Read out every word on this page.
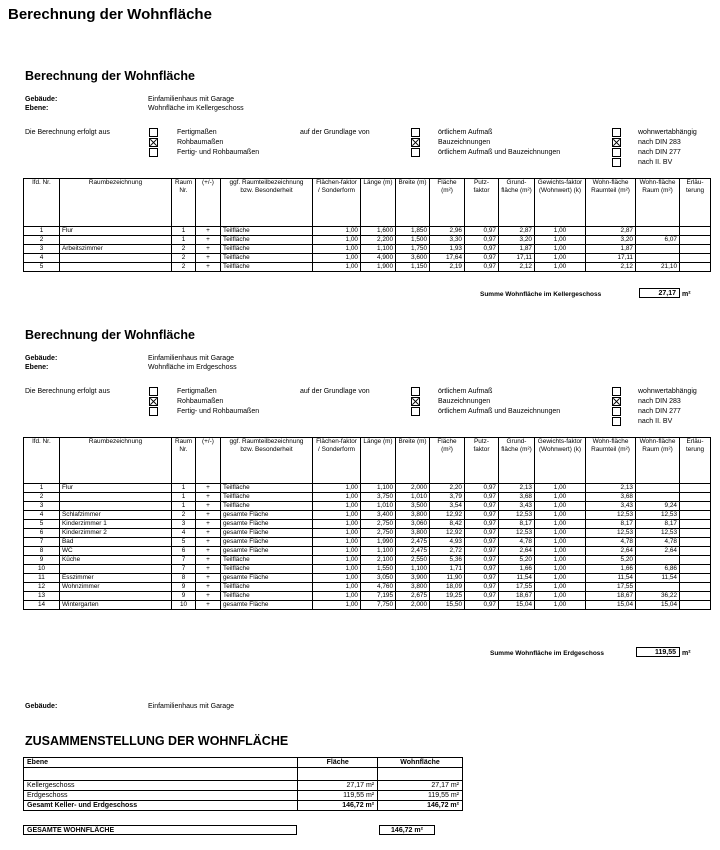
Berechnung der Wohnfläche
Berechnung der Wohnfläche
Gebäude:	Einfamilienhaus mit Garage
Ebene:	Wohnfläche im Kellergeschoss
Die Berechnung erfolgt aus	Fertigmaßen
Rohbaumaßen
Fertig- und Rohbaumaßen
auf der Grundlage von	örtlichem Aufmaß
Bauzeichnungen
örtlichem Aufmaß und Bauzeichnungen
wohnwertabhängig
nach DIN 283
nach DIN 277
nach II. BV
lfd. Nr.	Raumbezeichnung	Raum Nr.	(+/-)	ggf. Raumteilbezeichnung bzw. Besonderheit	Flächen-faktor / Sonderform	Länge (m)	Breite (m)	Fläche (m²)	Putz-faktor	Grund-fläche (m²)	Gewichts-faktor (Wohnwert) (k)	Wohn-fläche Raumteil (m²)	Wohn-fläche Raum (m²)	Erläu-terung
1	Flur	1	+	Teilfläche	1,00	1,600	1,850	2,96	0,97	2,87	1,00	2,87		
2		1	+	Teilfläche	1,00	2,200	1,500	3,30	0,97	3,20	1,00	3,20	6,07	
3	Arbeitszimmer	2	+	Teilfläche	1,00	1,100	1,750	1,93	0,97	1,87	1,00	1,87		
4		2	+	Teilfläche	1,00	4,900	3,600	17,64	0,97	17,11	1,00	17,11		
5		2	+	Teilfläche	1,00	1,900	1,150	2,19	0,97	2,12	1,00	2,12	21,10	
Summe Wohnfläche im Kellergeschoss	27,17 m²
Berechnung der Wohnfläche
Gebäude:	Einfamilienhaus mit Garage
Ebene:	Wohnfläche im Erdgeschoss
Die Berechnung erfolgt aus	Fertigmaßen
Rohbaumaßen
Fertig- und Rohbaumaßen
auf der Grundlage von	örtlichem Aufmaß
Bauzeichnungen
örtlichem Aufmaß und Bauzeichnungen
wohnwertabhängig
nach DIN 283
nach DIN 277
nach II. BV
lfd. Nr.	Raumbezeichnung	Raum Nr.	(+/-)	ggf. Raumteilbezeichnung bzw. Besonderheit	Flächen-faktor / Sonderform	Länge (m)	Breite (m)	Fläche (m²)	Putz-faktor	Grund-fläche (m²)	Gewichts-faktor (Wohnwert) (k)	Wohn-fläche Raumteil (m²)	Wohn-fläche Raum (m²)	Erläu-terung
1	Flur	1	+	Teilfläche	1,00	1,100	2,000	2,20	0,97	2,13	1,00	2,13		
2		1	+	Teilfläche	1,00	3,750	1,010	3,79	0,97	3,68	1,00	3,68		
3		1	+	Teilfläche	1,00	1,010	3,500	3,54	0,97	3,43	1,00	3,43	9,24	
4	Schlafzimmer	2	+	gesamte Fläche	1,00	3,400	3,800	12,92	0,97	12,53	1,00	12,53	12,53	
5	Kinderzimmer 1	3	+	gesamte Fläche	1,00	2,750	3,060	8,42	0,97	8,17	1,00	8,17	8,17	
6	Kinderzimmer 2	4	+	gesamte Fläche	1,00	2,750	3,800	12,92	0,97	12,53	1,00	12,53	12,53	
7	Bad	5	+	gesamte Fläche	1,00	1,990	2,475	4,93	0,97	4,78	1,00	4,78	4,78	
8	WC	6	+	gesamte Fläche	1,00	1,100	2,475	2,72	0,97	2,64	1,00	2,64	2,64	
9	Küche	7	+	Teilfläche	1,00	2,100	2,550	5,36	0,97	5,20	1,00	5,20		
10		7	+	Teilfläche	1,00	1,550	1,100	1,71	0,97	1,66	1,00	1,66	6,86	
11	Esszimmer	8	+	gesamte Fläche	1,00	3,050	3,900	11,90	0,97	11,54	1,00	11,54	11,54	
12	Wohnzimmer	9	+	Teilfläche	1,00	4,760	3,800	18,09	0,97	17,55	1,00	17,55		
13		9	+	Teilfläche	1,00	7,195	2,675	19,25	0,97	18,67	1,00	18,67	36,22	
14	Wintergarten	10	+	gesamte Fläche	1,00	7,750	2,000	15,50	0,97	15,04	1,00	15,04	15,04	
Summe Wohnfläche im Erdgeschoss	119,55 m²
Gebäude:	Einfamilienhaus mit Garage
ZUSAMMENSTELLUNG DER WOHNFLÄCHE
Ebene	Fläche	Wohnfläche

Kellergeschoss	27,17 m²	27,17 m²
Erdgeschoss	119,55 m²	119,55 m²
Gesamt Keller- und Erdgeschoss	146,72 m²	146,72 m²
GESAMTE WOHNFLÄCHE	146,72 m²
